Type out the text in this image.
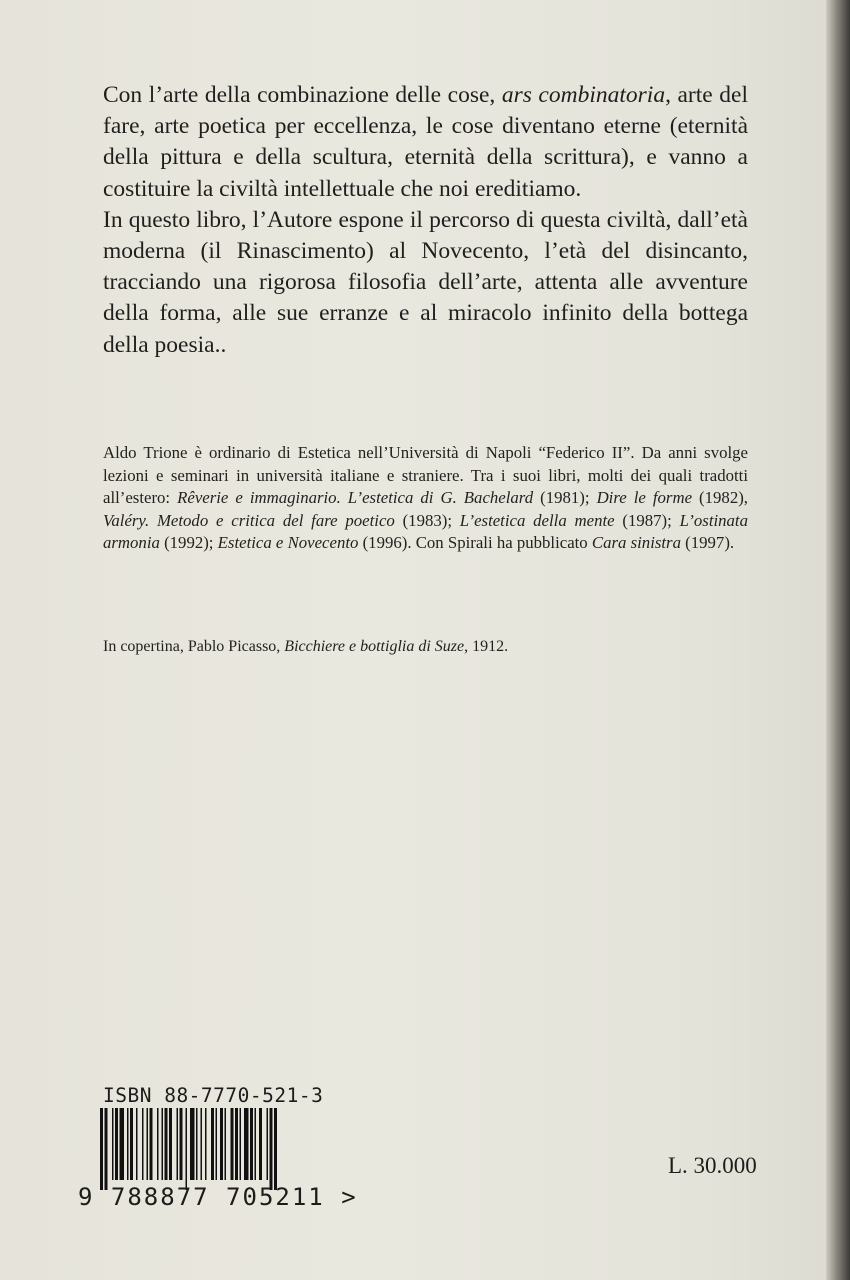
Con l’arte della combinazione delle cose, ars combinatoria, arte del fare, arte poetica per eccellenza, le cose diventano eterne (eternità della pittura e della scultura, eternità della scrittura), e vanno a costituire la civiltà intellettuale che noi ereditiamo.

In questo libro, l’Autore espone il percorso di questa civiltà, dall’età moderna (il Rinascimento) al Novecento, l’età del disincanto, tracciando una rigorosa filosofia dell’arte, attenta alle avventure della forma, alle sue erranze e al miracolo infinito della bottega della poesia..

Aldo Trione è ordinario di Estetica nell’Università di Napoli “Federico II”. Da anni svolge lezioni e seminari in università italiane e straniere. Tra i suoi libri, molti dei quali tradotti all’estero: Rêverie e immaginario. L’estetica di G. Bachelard (1981); Dire le forme (1982), Valéry. Metodo e critica del fare poetico (1983); L’estetica della mente (1987); L’ostinata armonia (1992); Estetica e Novecento (1996). Con Spirali ha pubblicato Cara sinistra (1997).

In copertina, Pablo Picasso, Bicchiere e bottiglia di Suze, 1912.
ISBN 88-7770-521-3
9 788877 705211 >
L. 30.000
